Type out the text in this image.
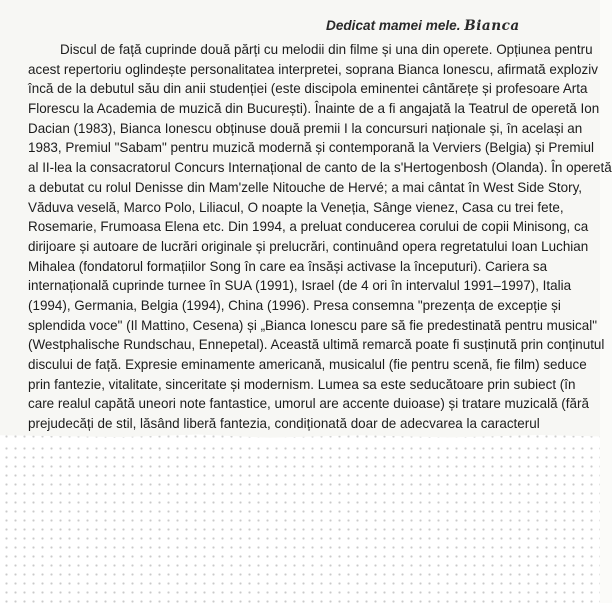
Dedicat mamei mele. Bianca
Discul de față cuprinde două părți cu melodii din filme și una din operete. Opțiunea pentru
acest repertoriu oglindește personalitatea interpretei, soprana Bianca Ionescu, afirmată exploziv
încă de la debutul său din anii studenției (este discipola eminentei cântărețe și profesoare Arta
Florescu la Academia de muzică din București). Înainte de a fi angajată la Teatrul de operetă Ion
Dacian (1983), Bianca Ionescu obținuse două premii I la concursuri naționale și, în același an
1983, Premiul "Sabam" pentru muzică modernă și contemporană la Verviers (Belgia) și Premiul
al II-lea la consacratorul Concurs Internațional de canto de la s'Hertogenbosh (Olanda). În operetă
a debutat cu rolul Denisse din Mam'zelle Nitouche de Hervé; a mai cântat în West Side Story,
Văduva veselă, Marco Polo, Liliacul, O noapte la Veneția, Sânge vienez, Casa cu trei fete,
Rosemarie, Frumoasa Elena etc. Din 1994, a preluat conducerea corului de copii Minisong, ca
dirijoare și autoare de lucrări originale și prelucrări, continuând opera regretatului Ioan Luchian
Mihalea (fondatorul formațiilor Song în care ea însăși activase la începuturi). Cariera sa
internațională cuprinde turnee în SUA (1991), Israel (de 4 ori în intervalul 1991–1997), Italia
(1994), Germania, Belgia (1994), China (1996). Presa consemna "prezența de excepție și
splendida voce" (Il Mattino, Cesena) și „Bianca Ionescu pare să fie predestinată pentru musical"
(Westphalische Rundschau, Ennepetal). Această ultimă remarcă poate fi susținută prin conținutul
discului de față. Expresie eminamente americană, musicalul (fie pentru scenă, fie film) seduce
prin fantezie, vitalitate, sinceritate și modernism. Lumea sa este seducătoare prin subiect (în
care realul capătă uneori note fantastice, umorul are accente duioase) și tratare muzicală (fără
prejudecăți de stil, lăsând liberă fantezia, condiționată doar de adecvarea la caracterul
